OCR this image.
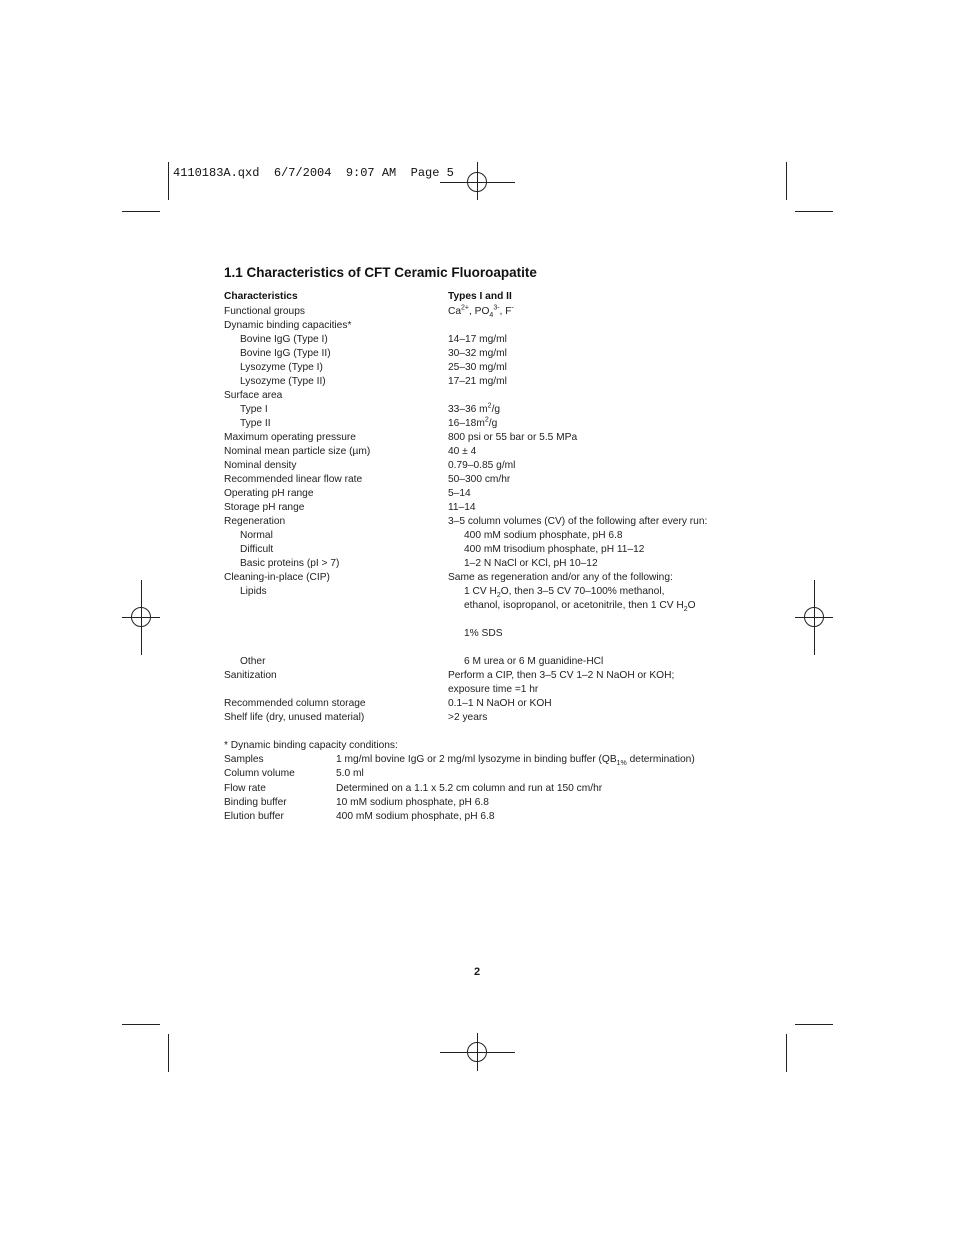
4110183A.qxd  6/7/2004  9:07 AM  Page 5
1.1 Characteristics of CFT Ceramic Fluoroapatite
Characteristics	Types I and II
Functional groups	$Ca^{2+}$, $PO_4^{3-}$, F-
Dynamic binding capacities*
Bovine IgG (Type I)	14–17 mg/ml
Bovine IgG (Type II)	30–32 mg/ml
Lysozyme (Type I)	25–30 mg/ml
Lysozyme (Type II)	17–21 mg/ml
Surface area
Type I	33–36 $m^2/g$
Type II	$16-18m^2/g$
Maximum operating pressure	800 psi or 55 bar or 5.5 MPa
Nominal mean particle size (µm)	40 ± 4
Nominal density	0.79–0.85 g/ml
Recommended linear flow rate	50–300 cm/hr
Operating pH range	5–14
Storage pH range	11–14
Regeneration	3–5 column volumes (CV) of the following after every run:
Normal	400 mM sodium phosphate, pH 6.8
Difficult	400 mM trisodium phosphate, pH 11–12
Basic proteins (pI > 7)	1–2 N NaCl or KCl, pH 10–12
Cleaning-in-place (CIP)	Same as regeneration and/or any of the following:
Lipids	1 CV $H_2O$, then 3–5 CV 70–100% methanol,
ethanol, isopropanol, or acetonitrile, then 1 CV $H_2O$
1% SDS
Other	6 M urea or 6 M guanidine-HCl
Sanitization	Perform a CIP, then 3–5 CV 1–2 N NaOH or KOH;
exposure time =1 hr
Recommended column storage	0.1–1 N NaOH or KOH
Shelf life (dry, unused material)	>2 years
* Dynamic binding capacity conditions:
Samples	1 mg/ml bovine IgG or 2 mg/ml lysozyme in binding buffer ($QB_{1\%}$ determination)
Column volume	5.0 ml
Flow rate	Determined on a 1.1 x 5.2 cm column and run at 150 cm/hr
Binding buffer	10 mM sodium phosphate, pH 6.8
Elution buffer	400 mM sodium phosphate, pH 6.8
2
